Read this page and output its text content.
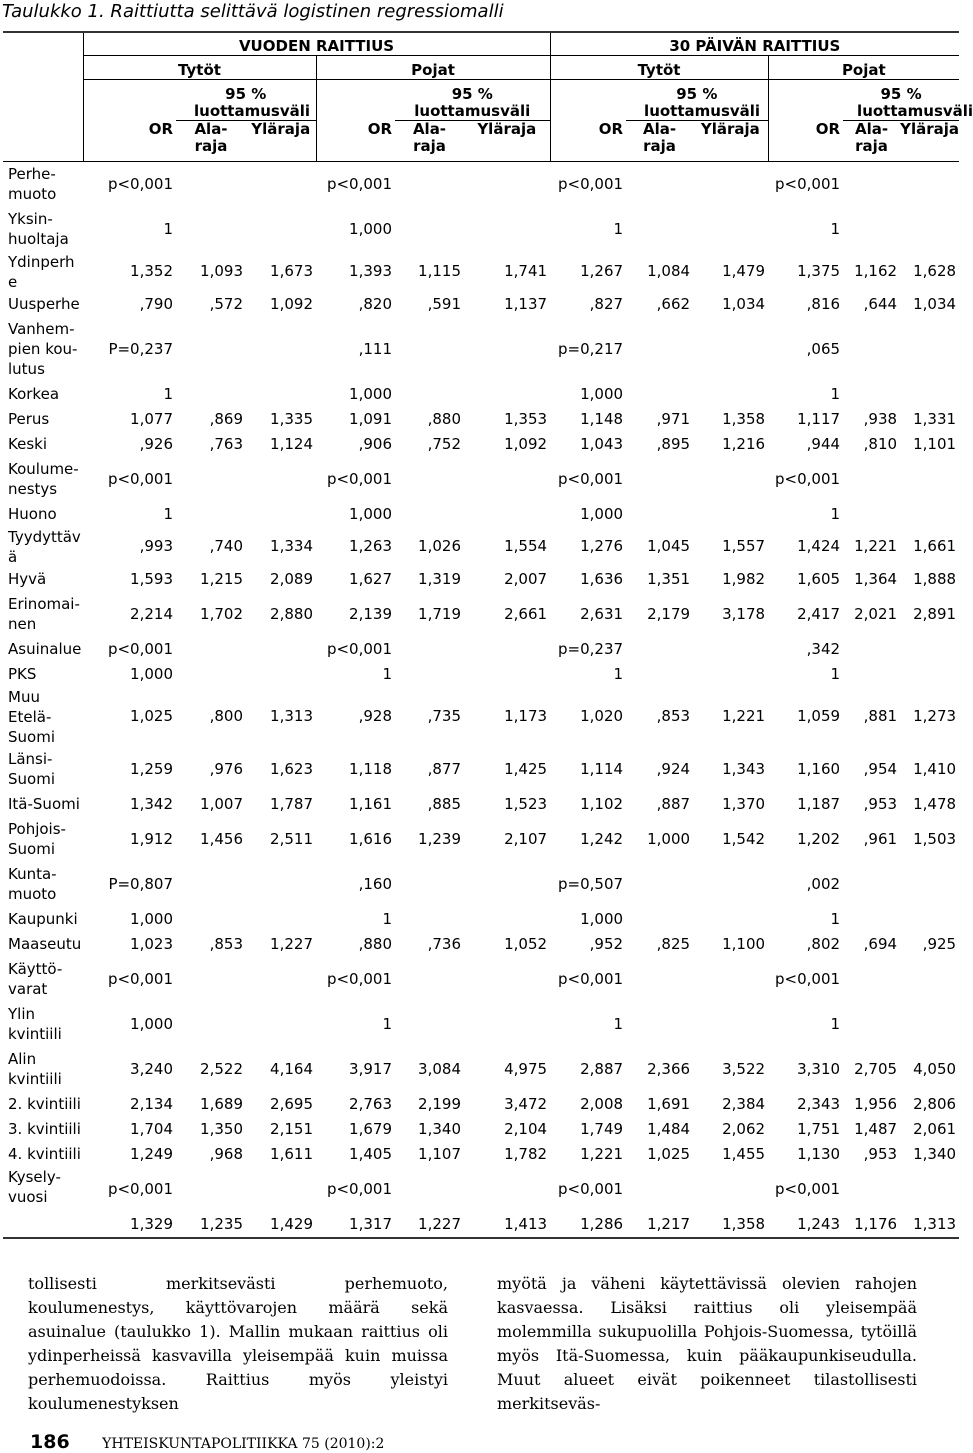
Taulukko 1. Raittiutta selittävä logistinen regressiomalli
	VUODEN RAITTIUS						30 PÄIVÄN RAITTIUS					
	Tytöt			Pojat			Tytöt			Pojat		
		95 % luottamusväli			95 % luottamusväli			95 % luottamusväli			95 % luottamusväli	
	OR	Ala-raja	Yläraja	OR	Ala-raja	Yläraja	OR	Ala-raja	Yläraja	OR	Ala-raja	Yläraja
Perhe-muoto	p<0,001			p<0,001			p<0,001			p<0,001		
Yksin-huoltaja	1			1,000			1			1		
Ydinperhe	1,352	1,093	1,673	1,393	1,115	1,741	1,267	1,084	1,479	1,375	1,162	1,628
Uusperhe	,790	,572	1,092	,820	,591	1,137	,827	,662	1,034	,816	,644	1,034
Vanhem-pien kou-lutus	P=0,237			,111			p=0,217			,065		
Korkea	1			1,000			1,000			1		
Perus	1,077	,869	1,335	1,091	,880	1,353	1,148	,971	1,358	1,117	,938	1,331
Keski	,926	,763	1,124	,906	,752	1,092	1,043	,895	1,216	,944	,810	1,101
Koulume-nestys	p<0,001			p<0,001			p<0,001			p<0,001		
Huono	1			1,000			1,000			1		
Tyydyttävä	,993	,740	1,334	1,263	1,026	1,554	1,276	1,045	1,557	1,424	1,221	1,661
Hyvä	1,593	1,215	2,089	1,627	1,319	2,007	1,636	1,351	1,982	1,605	1,364	1,888
Erinomai-nen	2,214	1,702	2,880	2,139	1,719	2,661	2,631	2,179	3,178	2,417	2,021	2,891
Asuinalue	p<0,001			p<0,001			p=0,237			,342		
PKS	1,000			1			1			1		
Muu Etelä-Suomi	1,025	,800	1,313	,928	,735	1,173	1,020	,853	1,221	1,059	,881	1,273
Länsi-Suomi	1,259	,976	1,623	1,118	,877	1,425	1,114	,924	1,343	1,160	,954	1,410
Itä-Suomi	1,342	1,007	1,787	1,161	,885	1,523	1,102	,887	1,370	1,187	,953	1,478
Pohjois-Suomi	1,912	1,456	2,511	1,616	1,239	2,107	1,242	1,000	1,542	1,202	,961	1,503
Kunta-muoto	P=0,807			,160			p=0,507			,002		
Kaupunki	1,000			1			1,000			1		
Maaseutu	1,023	,853	1,227	,880	,736	1,052	,952	,825	1,100	,802	,694	,925
Käyttö-varat	p<0,001			p<0,001			p<0,001			p<0,001		
Ylin kvintiili	1,000			1			1			1		
Alin kvintiili	3,240	2,522	4,164	3,917	3,084	4,975	2,887	2,366	3,522	3,310	2,705	4,050
2. kvintiili	2,134	1,689	2,695	2,763	2,199	3,472	2,008	1,691	2,384	2,343	1,956	2,806
3. kvintiili	1,704	1,350	2,151	1,679	1,340	2,104	1,749	1,484	2,062	1,751	1,487	2,061
4. kvintiili	1,249	,968	1,611	1,405	1,107	1,782	1,221	1,025	1,455	1,130	,953	1,340
Kysely-vuosi	p<0,001			p<0,001			p<0,001			p<0,001		
	1,329	1,235	1,429	1,317	1,227	1,413	1,286	1,217	1,358	1,243	1,176	1,313
tollisesti merkitsevästi perhemuoto, koulumenestys, käyttövarojen määrä sekä asuinalue (taulukko 1). Mallin mukaan raittius oli ydinperheissä kasvavilla yleisempää kuin muissa perhemuodoissa. Raittius myös yleistyi koulumenestyksen
myötä ja väheni käytettävissä olevien rahojen kasvaessa. Lisäksi raittius oli yleisempää molemmilla sukupuolilla Pohjois-Suomessa, tytöillä myös Itä-Suomessa, kuin pääkaupunkiseudulla. Muut alueet eivät poikenneet tilastollisesti merkitseväs-
186 YHTEISKUNTAPOLITIIKKA 75 (2010):2
